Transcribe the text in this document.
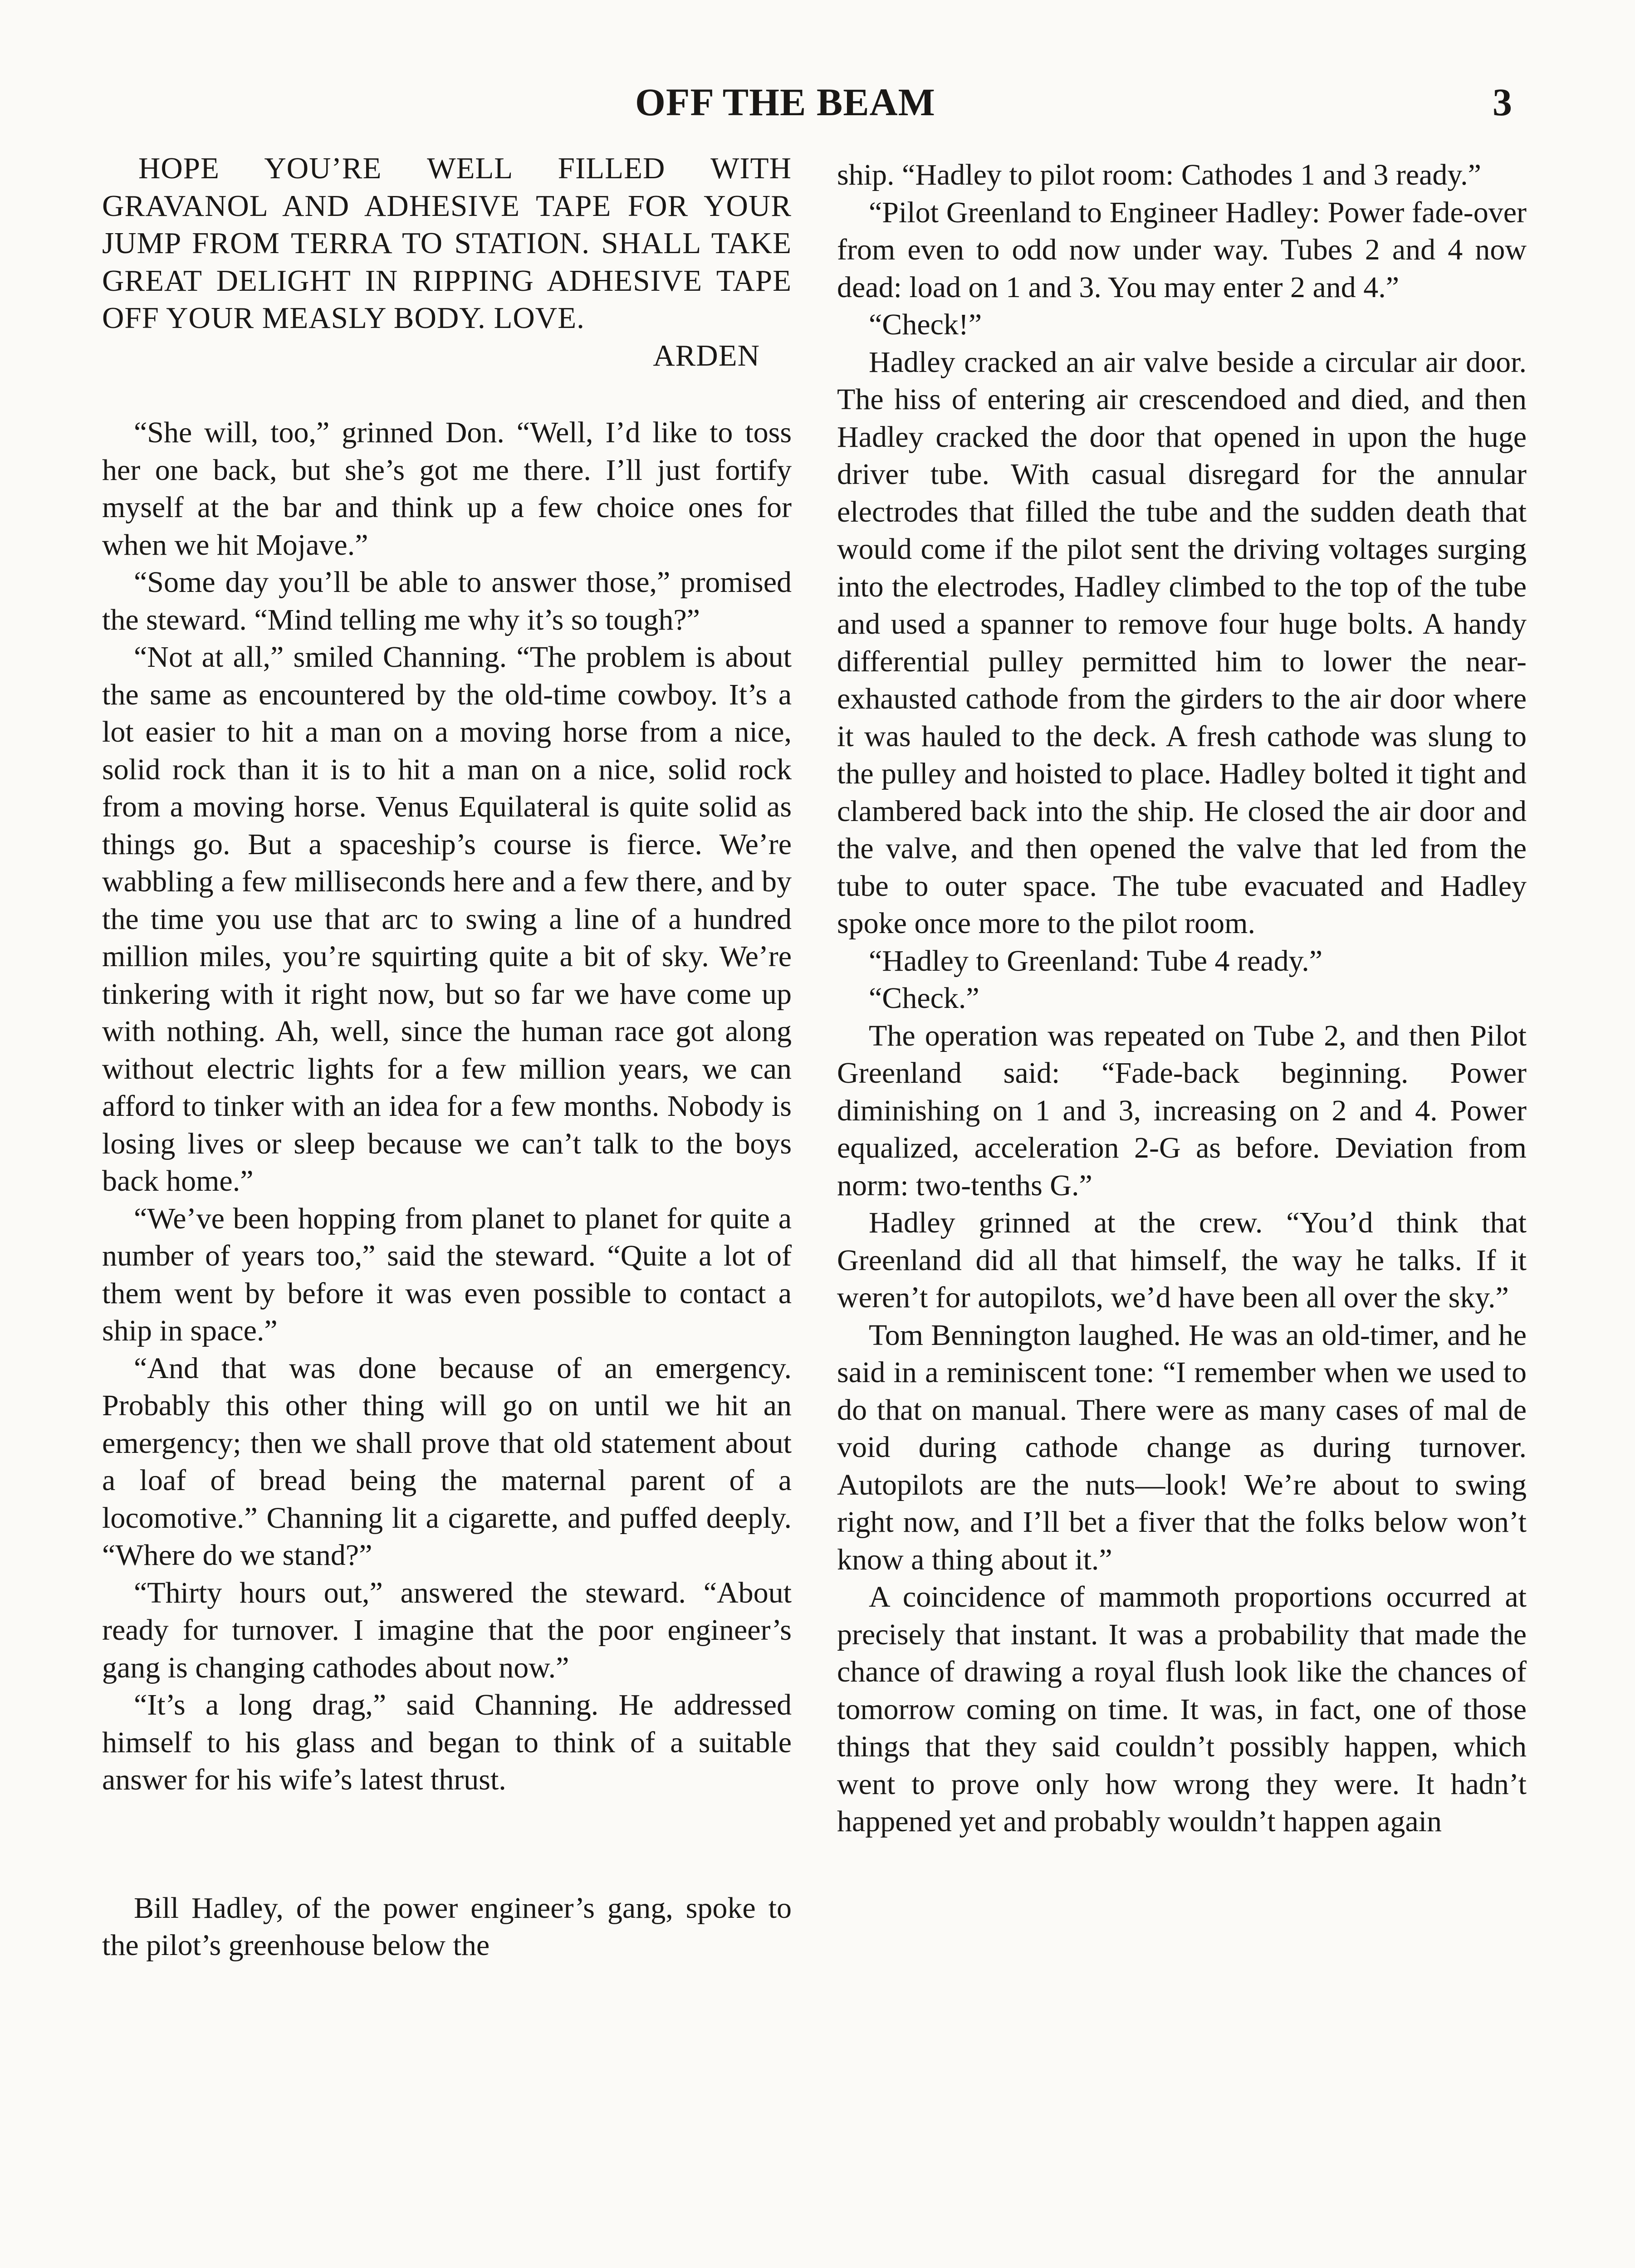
OFF THE BEAM	3

HOPE YOU’RE WELL FILLED WITH GRAVANOL AND ADHESIVE TAPE FOR YOUR JUMP FROM TERRA TO STATION. SHALL TAKE GREAT DELIGHT IN RIPPING ADHESIVE TAPE OFF YOUR MEASLY BODY. LOVE.

ARDEN

“She will, too,” grinned Don. “Well, I’d like to toss her one back, but she’s got me there. I’ll just fortify myself at the bar and think up a few choice ones for when we hit Mojave.”

“Some day you’ll be able to answer those,” promised the steward. “Mind telling me why it’s so tough?”

“Not at all,” smiled Channing. “The problem is about the same as encountered by the old-time cowboy. It’s a lot easier to hit a man on a moving horse from a nice, solid rock than it is to hit a man on a nice, solid rock from a moving horse. Venus Equilateral is quite solid as things go. But a spaceship’s course is fierce. We’re wabbling a few milliseconds here and a few there, and by the time you use that arc to swing a line of a hundred million miles, you’re squirting quite a bit of sky. We’re tinkering with it right now, but so far we have come up with nothing. Ah, well, since the human race got along without electric lights for a few million years, we can afford to tinker with an idea for a few months. Nobody is losing lives or sleep because we can’t talk to the boys back home.”

“We’ve been hopping from planet to planet for quite a number of years too,” said the steward. “Quite a lot of them went by before it was even possible to contact a ship in space.”

“And that was done because of an emergency. Probably this other thing will go on until we hit an emergency; then we shall prove that old statement about a loaf of bread being the maternal parent of a locomotive.” Channing lit a cigarette, and puffed deeply. “Where do we stand?”

“Thirty hours out,” answered the steward. “About ready for turnover. I imagine that the poor engineer’s gang is changing cathodes about now.”

“It’s a long drag,” said Channing. He addressed himself to his glass and began to think of a suitable answer for his wife’s latest thrust.

Bill Hadley, of the power engineer’s gang, spoke to the pilot’s greenhouse below the

ship. “Hadley to pilot room: Cathodes 1 and 3 ready.”

“Pilot Greenland to Engineer Hadley: Power fade-over from even to odd now under way. Tubes 2 and 4 now dead: load on 1 and 3. You may enter 2 and 4.”

“Check!”

Hadley cracked an air valve beside a circular air door. The hiss of entering air crescendoed and died, and then Hadley cracked the door that opened in upon the huge driver tube. With casual disregard for the annular electrodes that filled the tube and the sudden death that would come if the pilot sent the driving voltages surging into the electrodes, Hadley climbed to the top of the tube and used a spanner to remove four huge bolts. A handy differential pulley permitted him to lower the near-exhausted cathode from the girders to the air door where it was hauled to the deck. A fresh cathode was slung to the pulley and hoisted to place. Hadley bolted it tight and clambered back into the ship. He closed the air door and the valve, and then opened the valve that led from the tube to outer space. The tube evacuated and Hadley spoke once more to the pilot room.

“Hadley to Greenland: Tube 4 ready.”

“Check.”

The operation was repeated on Tube 2, and then Pilot Greenland said: “Fade-back beginning. Power diminishing on 1 and 3, increasing on 2 and 4. Power equalized, acceleration 2-G as before. Deviation from norm: two-tenths G.”

Hadley grinned at the crew. “You’d think that Greenland did all that himself, the way he talks. If it weren’t for autopilots, we’d have been all over the sky.”

Tom Bennington laughed. He was an old-timer, and he said in a reminiscent tone: “I remember when we used to do that on manual. There were as many cases of mal de void during cathode change as during turnover. Autopilots are the nuts—look! We’re about to swing right now, and I’ll bet a fiver that the folks below won’t know a thing about it.”

A coincidence of mammoth proportions occurred at precisely that instant. It was a probability that made the chance of drawing a royal flush look like the chances of tomorrow coming on time. It was, in fact, one of those things that they said couldn’t possibly happen, which went to prove only how wrong they were. It hadn’t happened yet and probably wouldn’t happen again
